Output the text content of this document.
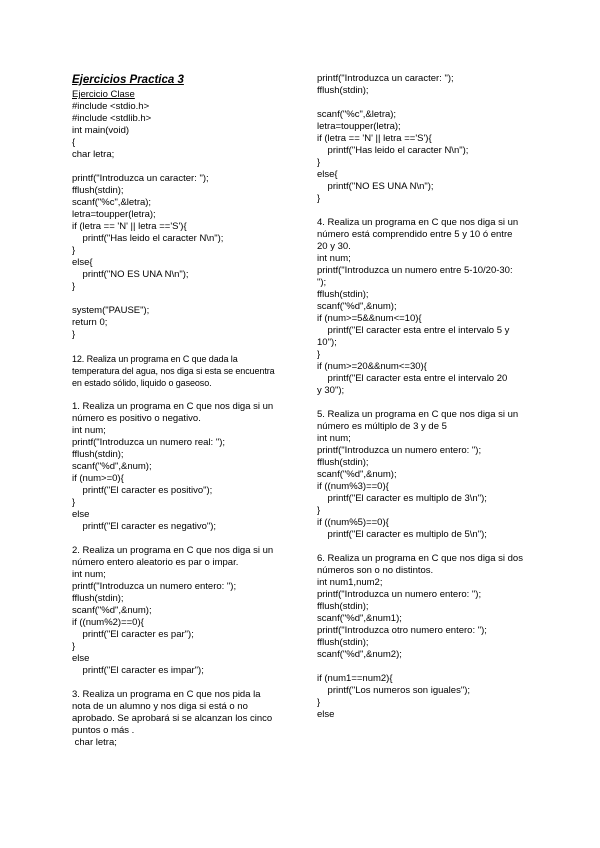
Ejercicios Practica 3
Ejercicio Clase
#include <stdio.h>
#include <stdlib.h>
int main(void)
{
char letra;
printf("Introduzca un caracter: ");
fflush(stdin);
scanf("%c",&letra);
letra=toupper(letra);
if (letra == 'N' || letra =='S'){
printf("Has leido el caracter N\n");
}
else{
printf("NO ES UNA N\n");
}
system("PAUSE");
return 0;
}
12. Realiza un programa en C que dada la
temperatura del agua, nos diga si esta se encuentra
en estado sólido, liquido o gaseoso.
1. Realiza un programa en C que nos diga si un
número es positivo o negativo.
int num;
printf("Introduzca un numero real: ");
fflush(stdin);
scanf("%d",&num);
if (num>=0){
printf("El caracter es positivo");
}
else
printf("El caracter es negativo");
2. Realiza un programa en C que nos diga si un
número entero aleatorio es par o impar.
int num;
printf("Introduzca un numero entero: ");
fflush(stdin);
scanf("%d",&num);
if ((num%2)==0){
printf("El caracter es par");
}
else
printf("El caracter es impar");
3. Realiza un programa en C que nos pida la
nota de un alumno y nos diga si está o no
aprobado. Se aprobará si se alcanzan los cinco
puntos o más .
char letra;
printf("Introduzca un caracter: ");
fflush(stdin);
scanf("%c",&letra);
letra=toupper(letra);
if (letra == 'N' || letra =='S'){
printf("Has leido el caracter N\n");
}
else{
printf("NO ES UNA N\n");
}
4. Realiza un programa en C que nos diga si un
número está comprendido entre 5 y 10 ó entre
20 y 30.
int num;
printf("Introduzca un numero entre 5-10/20-30:
");
fflush(stdin);
scanf("%d",&num);
if (num>=5&&num<=10){
printf("El caracter esta entre el intervalo 5 y
10");
}
if (num>=20&&num<=30){
printf("El caracter esta entre el intervalo 20
y 30");
5. Realiza un programa en C que nos diga si un
número es múltiplo de 3 y de 5
int num;
printf("Introduzca un numero entero: ");
fflush(stdin);
scanf("%d",&num);
if ((num%3)==0){
printf("El caracter es multiplo de 3\n");
}
if ((num%5)==0){
printf("El caracter es multiplo de 5\n");
6. Realiza un programa en C que nos diga si dos
números son o no distintos.
int num1,num2;
printf("Introduzca un numero entero: ");
fflush(stdin);
scanf("%d",&num1);
printf("Introduzca otro numero entero: ");
fflush(stdin);
scanf("%d",&num2);
if (num1==num2){
printf("Los numeros son iguales");
}
else
